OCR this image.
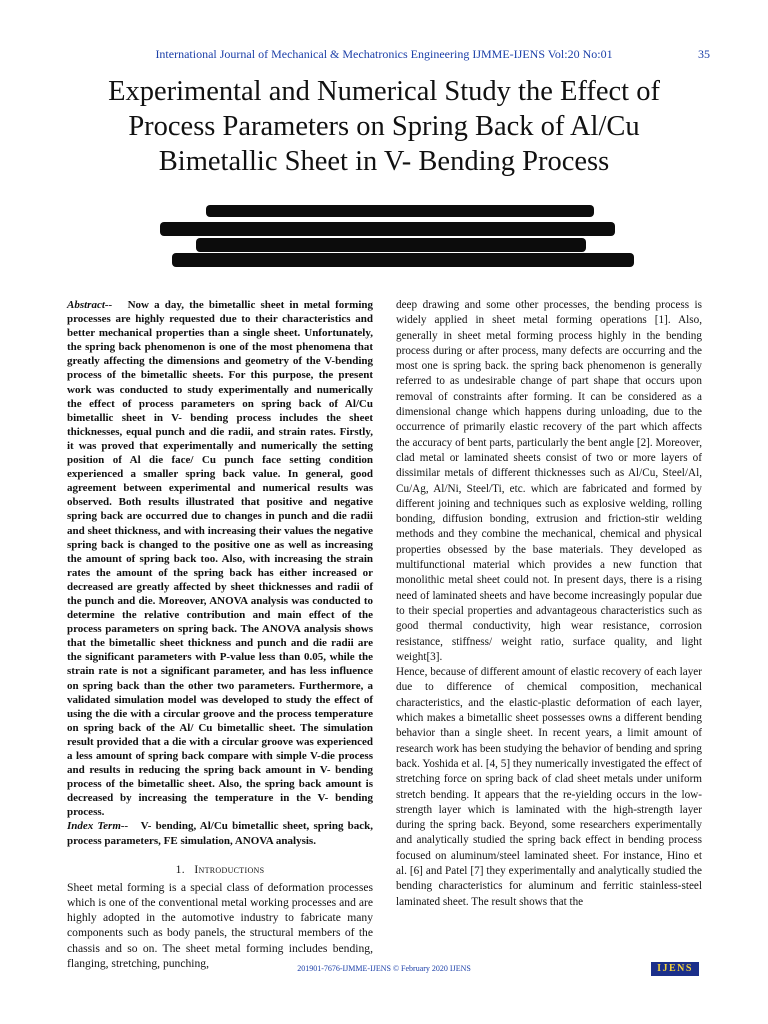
International Journal of Mechanical & Mechatronics Engineering IJMME-IJENS Vol:20 No:01	35
Experimental and Numerical Study the Effect of Process Parameters on Spring Back of Al/Cu Bimetallic Sheet in V- Bending Process

Abstract-- Now a day, the bimetallic sheet in metal forming processes are highly requested due to their characteristics and better mechanical properties than a single sheet. Unfortunately, the spring back phenomenon is one of the most phenomena that greatly affecting the dimensions and geometry of the V-bending process of the bimetallic sheets. For this purpose, the present work was conducted to study experimentally and numerically the effect of process parameters on spring back of Al/Cu bimetallic sheet in V- bending process includes the sheet thicknesses, equal punch and die radii, and strain rates. Firstly, it was proved that experimentally and numerically the setting position of Al die face/ Cu punch face setting condition experienced a smaller spring back value. In general, good agreement between experimental and numerical results was observed. Both results illustrated that positive and negative spring back are occurred due to changes in punch and die radii and sheet thickness, and with increasing their values the negative spring back is changed to the positive one as well as increasing the amount of spring back too. Also, with increasing the strain rates the amount of the spring back has either increased or decreased are greatly affected by sheet thicknesses and radii of the punch and die. Moreover, ANOVA analysis was conducted to determine the relative contribution and main effect of the process parameters on spring back. The ANOVA analysis shows that the bimetallic sheet thickness and punch and die radii are the significant parameters with P-value less than 0.05, while the strain rate is not a significant parameter, and has less influence on spring back than the other two parameters. Furthermore, a validated simulation model was developed to study the effect of using the die with a circular groove and the process temperature on spring back of the Al/ Cu bimetallic sheet. The simulation result provided that a die with a circular groove was experienced a less amount of spring back compare with simple V-die process and results in reducing the spring back amount in V- bending process of the bimetallic sheet. Also, the spring back amount is decreased by increasing the temperature in the V- bending process.

Index Term-- V- bending, Al/Cu bimetallic sheet, spring back, process parameters, FE simulation, ANOVA analysis.

1. Introductions

Sheet metal forming is a special class of deformation processes which is one of the conventional metal working processes and are highly adopted in the automotive industry to fabricate many components such as body panels, the structural members of the chassis and so on. The sheet metal forming includes bending, flanging, stretching, punching,

deep drawing and some other processes, the bending process is widely applied in sheet metal forming operations [1]. Also, generally in sheet metal forming process highly in the bending process during or after process, many defects are occurring and the most one is spring back. the spring back phenomenon is generally referred to as undesirable change of part shape that occurs upon removal of constraints after forming. It can be considered as a dimensional change which happens during unloading, due to the occurrence of primarily elastic recovery of the part which affects the accuracy of bent parts, particularly the bent angle [2]. Moreover, clad metal or laminated sheets consist of two or more layers of dissimilar metals of different thicknesses such as Al/Cu, Steel/Al, Cu/Ag, Al/Ni, Steel/Ti, etc. which are fabricated and formed by different joining and techniques such as explosive welding, rolling bonding, diffusion bonding, extrusion and friction-stir welding methods and they combine the mechanical, chemical and physical properties obsessed by the base materials. They developed as multifunctional material which provides a new function that monolithic metal sheet could not. In present days, there is a rising need of laminated sheets and have become increasingly popular due to their special properties and advantageous characteristics such as good thermal conductivity, high wear resistance, corrosion resistance, stiffness/ weight ratio, surface quality, and light weight[3].

Hence, because of different amount of elastic recovery of each layer due to difference of chemical composition, mechanical characteristics, and the elastic-plastic deformation of each layer, which makes a bimetallic sheet possesses owns a different bending behavior than a single sheet. In recent years, a limit amount of research work has been studying the behavior of bending and spring back. Yoshida et al. [4, 5] they numerically investigated the effect of stretching force on spring back of clad sheet metals under uniform stretch bending. It appears that the re-yielding occurs in the low-strength layer which is laminated with the high-strength layer during the spring back. Beyond, some researchers experimentally and analytically studied the spring back effect in bending process focused on aluminum/steel laminated sheet. For instance, Hino et al. [6] and Patel [7] they experimentally and analytically studied the bending characteristics for aluminum and ferritic stainless-steel laminated sheet. The result shows that the

201901-7676-IJMME-IJENS © February 2020 IJENS	IJENS
